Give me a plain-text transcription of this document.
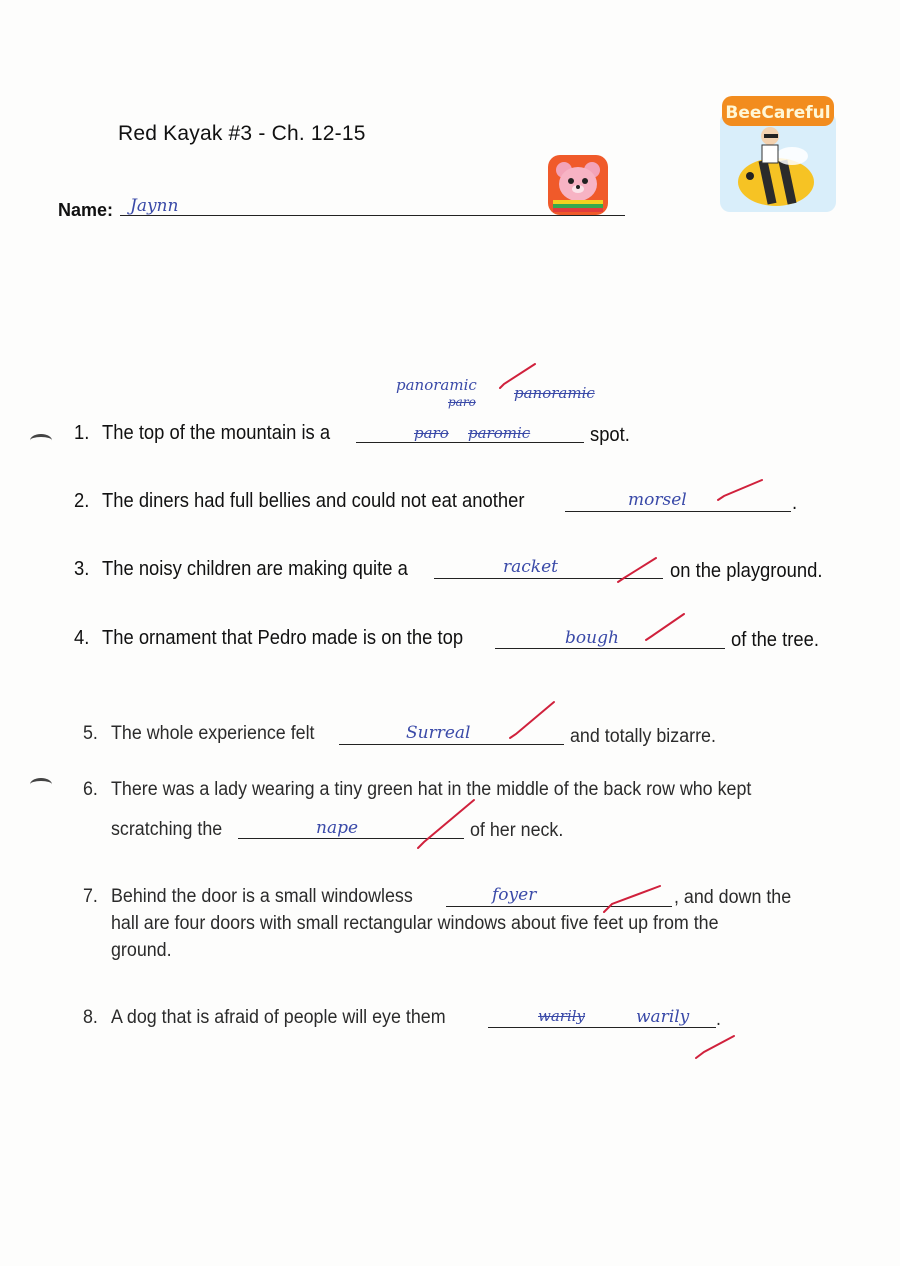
Red Kayak #3 - Ch. 12-15
Name: Jaynn
BeeCareful
panoramic
paro	panoramic
1. The top of the mountain is a	paro paromic	spot.
2. The diners had full bellies and could not eat another	morsel	.
3. The noisy children are making quite a	racket	on the playground.
4. The ornament that Pedro made is on the top	bough	of the tree.
5. The whole experience felt	Surreal	and totally bizarre.
6. There was a lady wearing a tiny green hat in the middle of the back row who kept
scratching the	nape	of her neck.
7. Behind the door is a small windowless	foyer	, and down the
hall are four doors with small rectangular windows about five feet up from the
ground.
8. A dog that is afraid of people will eye them	warily	warily .
